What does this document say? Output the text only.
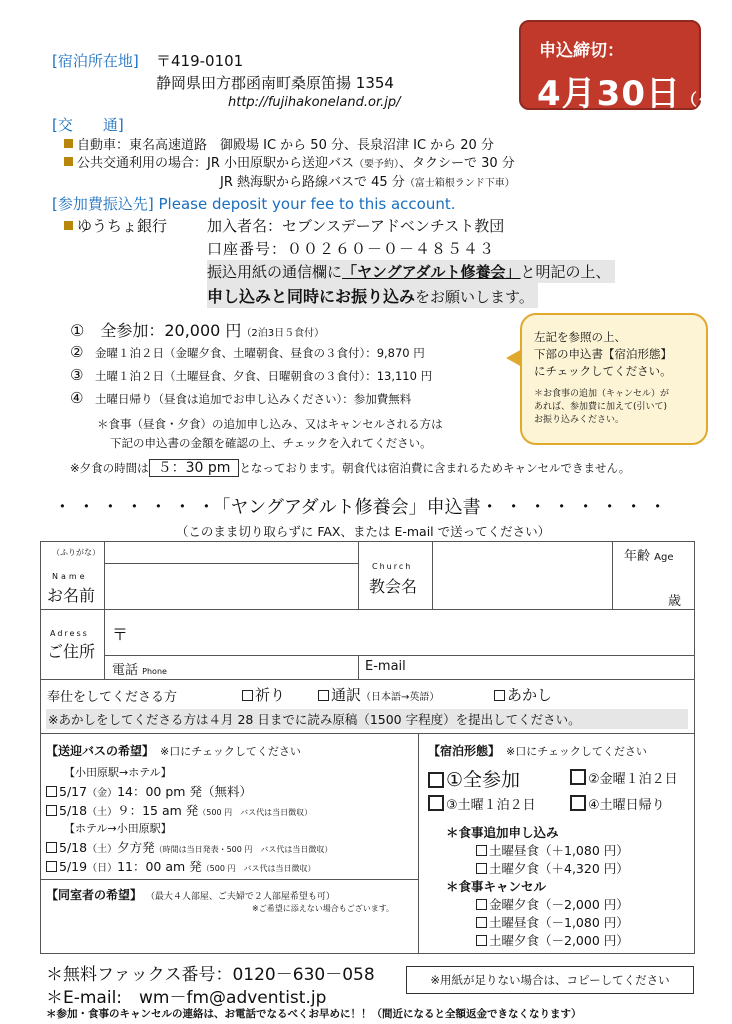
申込締切：
4月30日（火）
[宿泊所在地] 〒419-0101
静岡県田方郡函南町桑原笛揚 1354
http://fujihakoneland.or.jp/
[交　　通]
自動車：東名高速道路　御殿場 IC から 50 分、長泉沼津 IC から 20 分
公共交通利用の場合：JR 小田原駅から送迎バス（要予約）、タクシーで 30 分
JR 熱海駅から路線バスで 45 分（富士箱根ランド下車）
[参加費振込先] Please deposit your fee to this account.
ゆうちょ銀行	加入者名：セブンスデーアドベンチスト教団
口座番号：００２６０－０－４８５４３
振込用紙の通信欄に「ヤングアダルト修養会」と明記の上、
申し込みと同時にお振り込みをお願いします。
①　 全参加：20,000 円（2泊3日５食付）
②　 金曜１泊２日（金曜夕食、土曜朝食、昼食の３食付）：9,870 円
③　 土曜１泊２日（土曜昼食、夕食、日曜朝食の３食付）：13,110 円
④　 土曜日帰り（昼食は追加でお申し込みください）：参加費無料
＊食事（昼食・夕食）の追加申し込み、又はキャンセルされる方は
下記の申込書の金額を確認の上、チェックを入れてください。
※夕食の時間は ５：30 pm となっております。朝食代は宿泊費に含まれるためキャンセルできません。
左記を参照の上、
下部の申込書【宿泊形態】
にチェックしてください。
＊お食事の追加（キャンセル）が
あれば、参加費に加えて(引いて)
お振り込みください。
・・・・・・・「ヤングアダルト修養会」申込書・・・・・・・・
（このまま切り取らずに FAX、または E-mail で送ってください）
（ふりがな）
Name
お名前
Church
教会名
年齢 Age
歳
Adress
ご住所
〒
電話 Phone	E-mail
奉仕をしてくださる方	祈り	通訳（日本語→英語）	あかし
※あかしをしてくださる方は４月 28 日までに読み原稿（1500 字程度）を提出してください。
【送迎バスの希望】　 ※口にチェックしてください
【小田原駅→ホテル】
5/17（金）14：00 pm 発（無料）
5/18（土）９：15 am 発（500 円　バス代は当日徴収）
【ホテル→小田原駅】
5/18（土）夕方発（時間は当日発表・500 円　バス代は当日徴収）
5/19（日）11：00 am 発（500 円　バス代は当日徴収）
【同室者の希望】 （最大４人部屋、ご夫婦で２人部屋希望も可）
※ご希望に添えない場合もございます。
【宿泊形態】　 ※口にチェックしてください
①全参加	②金曜１泊２日
③土曜１泊２日	④土曜日帰り
＊食事追加申し込み
土曜昼食（＋1,080 円）
土曜夕食（＋4,320 円）
＊食事キャンセル
金曜夕食（－2,000 円）
土曜昼食（－1,080 円）
土曜夕食（－2,000 円）
＊無料ファックス番号：0120－630－058
＊E-mail:　wm－fm@adventist.jp
※用紙が足りない場合は、コピーしてください
＊参加・食事のキャンセルの連絡は、お電話でなるべくお早めに！！（間近になると全額返金できなくなります）
